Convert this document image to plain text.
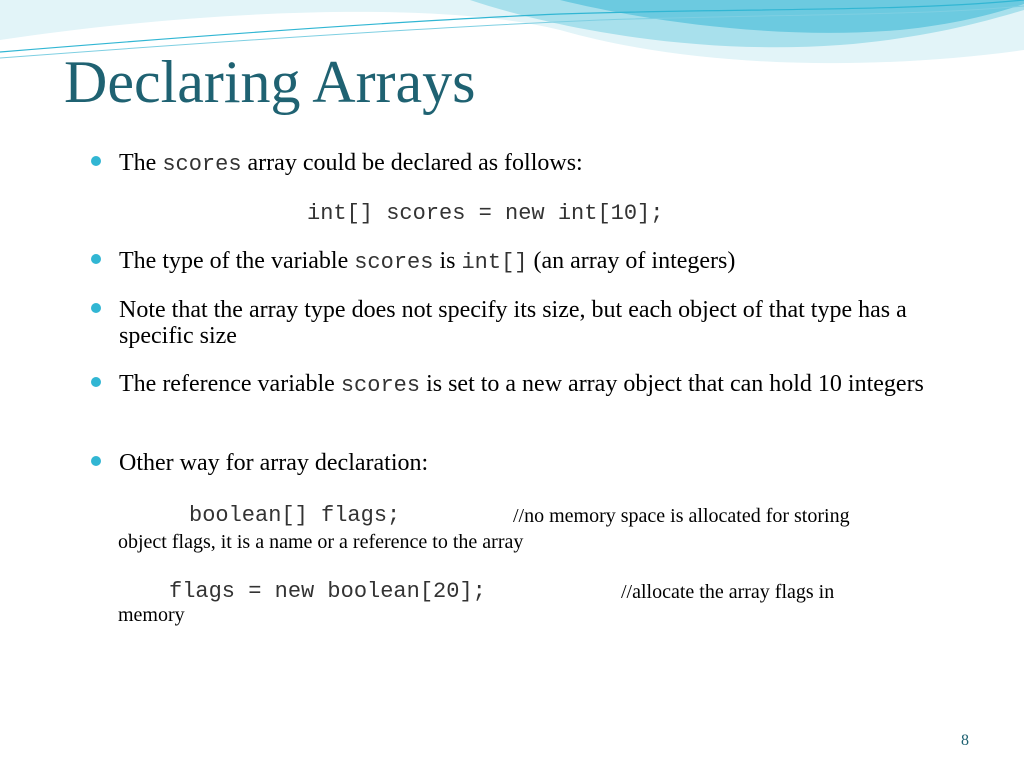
Declaring Arrays
The scores array could be declared as follows:
int[] scores = new int[10];
The type of the variable scores is int[] (an array of integers)
Note that the array type does not specify its size, but each object of that type has a specific size
The reference variable scores is set to a new array object that can hold 10 integers
Other way for array declaration:
boolean[] flags;	//no memory space is allocated for storing
object flags, it is a name or a reference to the array
flags = new boolean[20];	//allocate the array flags in
memory
8
